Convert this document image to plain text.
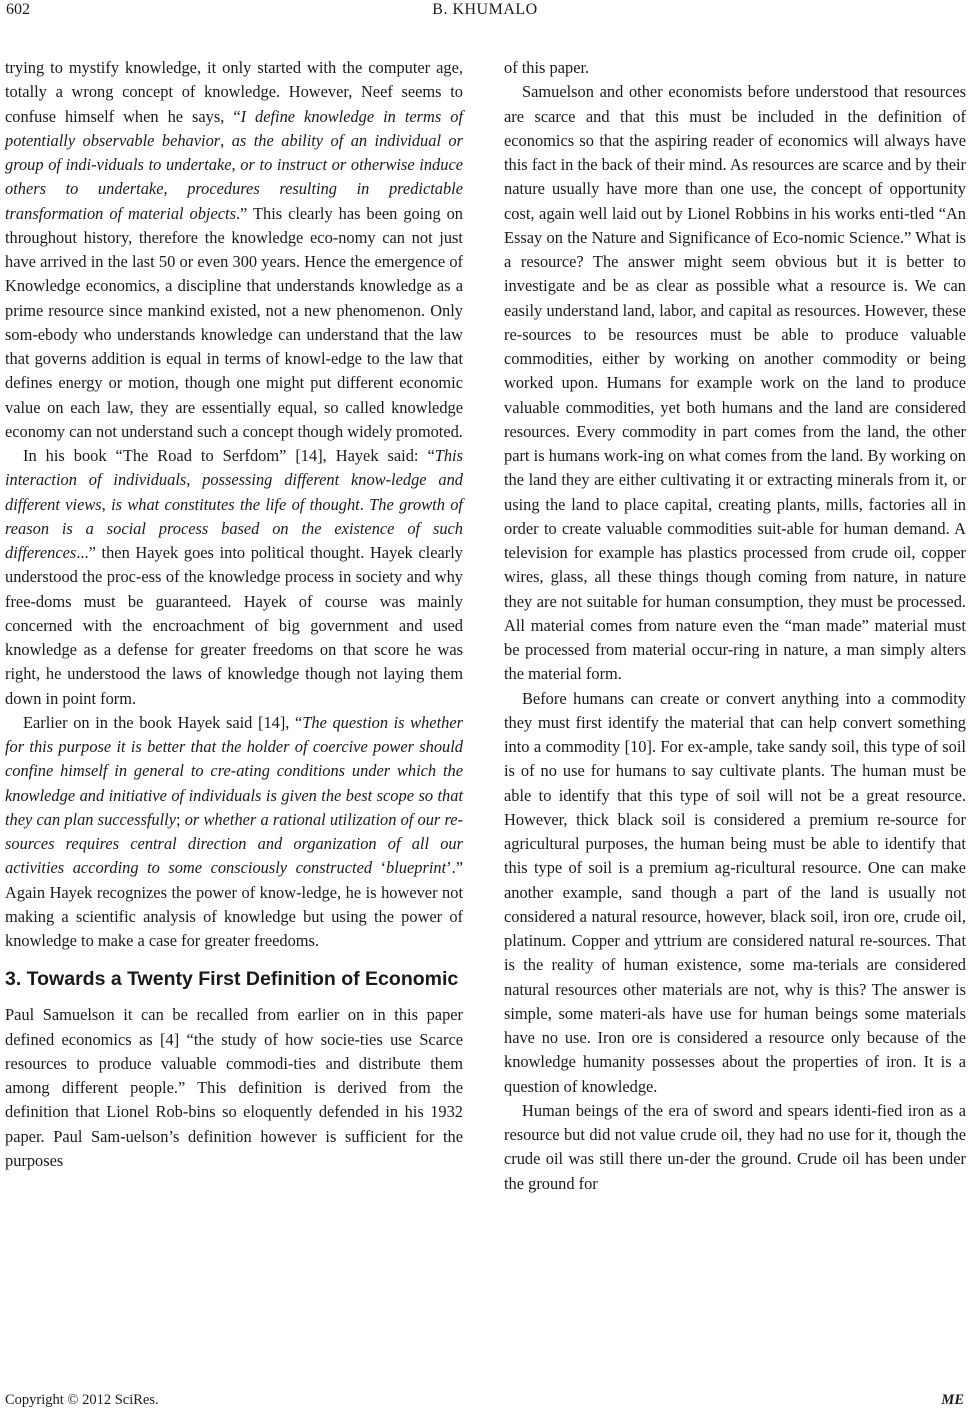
602	B. KHUMALO

trying to mystify knowledge, it only started with the computer age, totally a wrong concept of knowledge. However, Neef seems to confuse himself when he says, “I define knowledge in terms of potentially observable behavior, as the ability of an individual or group of indi-viduals to undertake, or to instruct or otherwise induce others to undertake, procedures resulting in predictable transformation of material objects.” This clearly has been going on throughout history, therefore the knowledge eco-nomy can not just have arrived in the last 50 or even 300 years. Hence the emergence of Knowledge economics, a discipline that understands knowledge as a prime resource since mankind existed, not a new phenomenon. Only som-ebody who understands knowledge can understand that the law that governs addition is equal in terms of knowl-edge to the law that defines energy or motion, though one might put different economic value on each law, they are essentially equal, so called knowledge economy can not understand such a concept though widely promoted.

In his book “The Road to Serfdom” [14], Hayek said: “This interaction of individuals, possessing different know-ledge and different views, is what constitutes the life of thought. The growth of reason is a social process based on the existence of such differences...” then Hayek goes into political thought. Hayek clearly understood the proc-ess of the knowledge process in society and why free-doms must be guaranteed. Hayek of course was mainly concerned with the encroachment of big government and used knowledge as a defense for greater freedoms on that score he was right, he understood the laws of knowledge though not laying them down in point form.

Earlier on in the book Hayek said [14], “The question is whether for this purpose it is better that the holder of coercive power should confine himself in general to cre-ating conditions under which the knowledge and initiative of individuals is given the best scope so that they can plan successfully; or whether a rational utilization of our re-sources requires central direction and organization of all our activities according to some consciously constructed ‘blueprint’.” Again Hayek recognizes the power of know-ledge, he is however not making a scientific analysis of knowledge but using the power of knowledge to make a case for greater freedoms.

3. Towards a Twenty First Definition of Economic

Paul Samuelson it can be recalled from earlier on in this paper defined economics as [4] “the study of how socie-ties use Scarce resources to produce valuable commodi-ties and distribute them among different people.” This definition is derived from the definition that Lionel Rob-bins so eloquently defended in his 1932 paper. Paul Sam-uelson’s definition however is sufficient for the purposes

of this paper.

Samuelson and other economists before understood that resources are scarce and that this must be included in the definition of economics so that the aspiring reader of economics will always have this fact in the back of their mind. As resources are scarce and by their nature usually have more than one use, the concept of opportunity cost, again well laid out by Lionel Robbins in his works enti-tled “An Essay on the Nature and Significance of Eco-nomic Science.” What is a resource? The answer might seem obvious but it is better to investigate and be as clear as possible what a resource is. We can easily understand land, labor, and capital as resources. However, these re-sources to be resources must be able to produce valuable commodities, either by working on another commodity or being worked upon. Humans for example work on the land to produce valuable commodities, yet both humans and the land are considered resources. Every commodity in part comes from the land, the other part is humans work-ing on what comes from the land. By working on the land they are either cultivating it or extracting minerals from it, or using the land to place capital, creating plants, mills, factories all in order to create valuable commodities suit-able for human demand. A television for example has plastics processed from crude oil, copper wires, glass, all these things though coming from nature, in nature they are not suitable for human consumption, they must be processed. All material comes from nature even the “man made” material must be processed from material occur-ring in nature, a man simply alters the material form.

Before humans can create or convert anything into a commodity they must first identify the material that can help convert something into a commodity [10]. For ex-ample, take sandy soil, this type of soil is of no use for humans to say cultivate plants. The human must be able to identify that this type of soil will not be a great resource. However, thick black soil is considered a premium re-source for agricultural purposes, the human being must be able to identify that this type of soil is a premium ag-ricultural resource. One can make another example, sand though a part of the land is usually not considered a natural resource, however, black soil, iron ore, crude oil, platinum. Copper and yttrium are considered natural re-sources. That is the reality of human existence, some ma-terials are considered natural resources other materials are not, why is this? The answer is simple, some materi-als have use for human beings some materials have no use. Iron ore is considered a resource only because of the knowledge humanity possesses about the properties of iron. It is a question of knowledge.

Human beings of the era of sword and spears identi-fied iron as a resource but did not value crude oil, they had no use for it, though the crude oil was still there un-der the ground. Crude oil has been under the ground for

Copyright © 2012 SciRes.	ME
